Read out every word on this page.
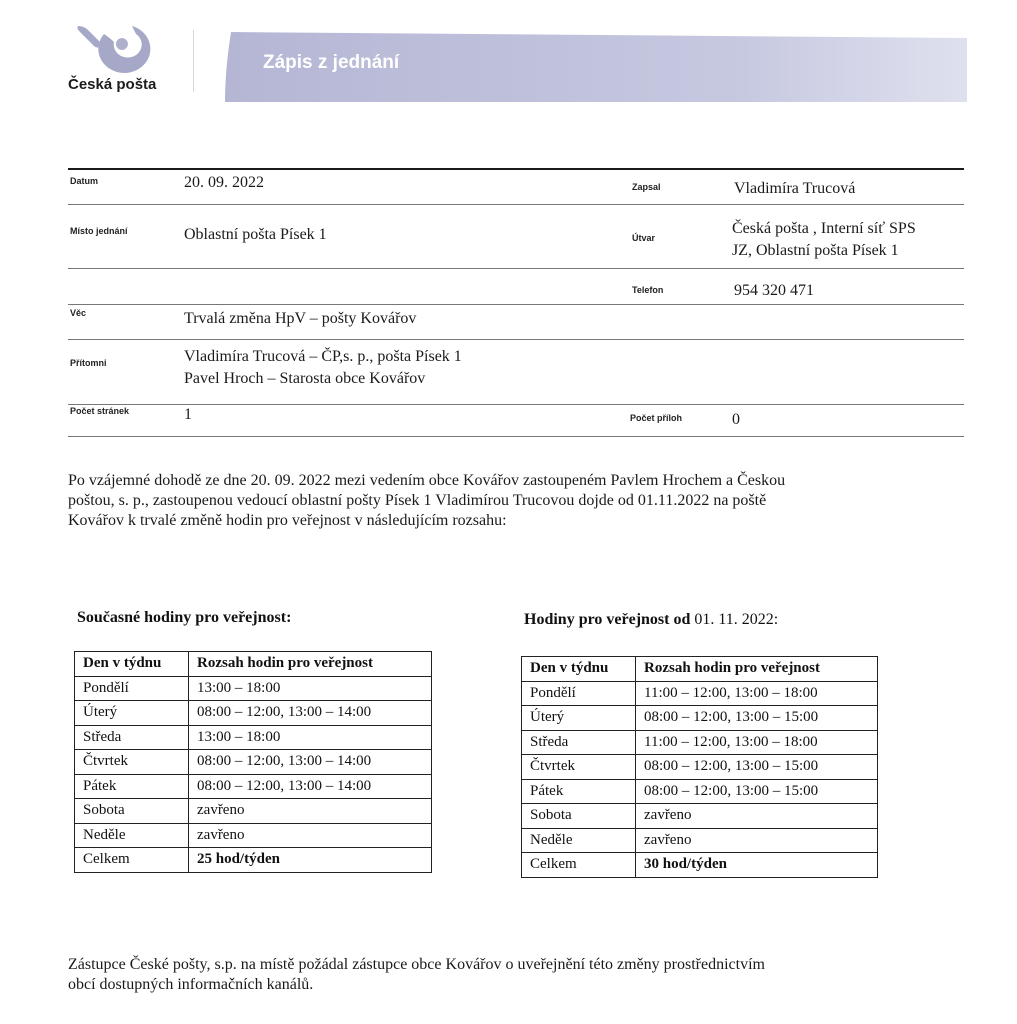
Česká pošta
Zápis z jednání
Datum	20. 09. 2022	Zapsal	Vladimíra Trucová
Místo jednání	Oblastní pošta Písek 1	Útvar
Česká pošta , Interní síť SPS
JZ, Oblastní pošta Písek 1
Telefon	954 320 471
Věc	Trvalá změna HpV – pošty Kovářov
Přítomni	Vladimíra Trucová – ČP,s. p., pošta Písek 1
Pavel Hroch – Starosta obce Kovářov
Počet stránek	1	Počet příloh	0
Po vzájemné dohodě ze dne 20. 09. 2022 mezi vedením obce Kovářov zastoupeném Pavlem Hrochem a Českou
poštou, s. p., zastoupenou vedoucí oblastní pošty Písek 1 Vladimírou Trucovou dojde od 01.11.2022 na poště
Kovářov k trvalé změně hodin pro veřejnost v následujícím rozsahu:
Současné hodiny pro veřejnost:
Den v týdnu	Rozsah hodin pro veřejnost
Pondělí	13:00 – 18:00
Úterý	08:00 – 12:00, 13:00 – 14:00
Středa	13:00 – 18:00
Čtvrtek	08:00 – 12:00, 13:00 – 14:00
Pátek	08:00 – 12:00, 13:00 – 14:00
Sobota	zavřeno
Neděle	zavřeno
Celkem	25 hod/týden
Hodiny pro veřejnost od 01. 11. 2022:
Den v týdnu	Rozsah hodin pro veřejnost
Pondělí	11:00 – 12:00, 13:00 – 18:00
Úterý	08:00 – 12:00, 13:00 – 15:00
Středa	11:00 – 12:00, 13:00 – 18:00
Čtvrtek	08:00 – 12:00, 13:00 – 15:00
Pátek	08:00 – 12:00, 13:00 – 15:00
Sobota	zavřeno
Neděle	zavřeno
Celkem	30 hod/týden
Zástupce České pošty, s.p. na místě požádal zástupce obce Kovářov o uveřejnění této změny prostřednictvím
obcí dostupných informačních kanálů.
